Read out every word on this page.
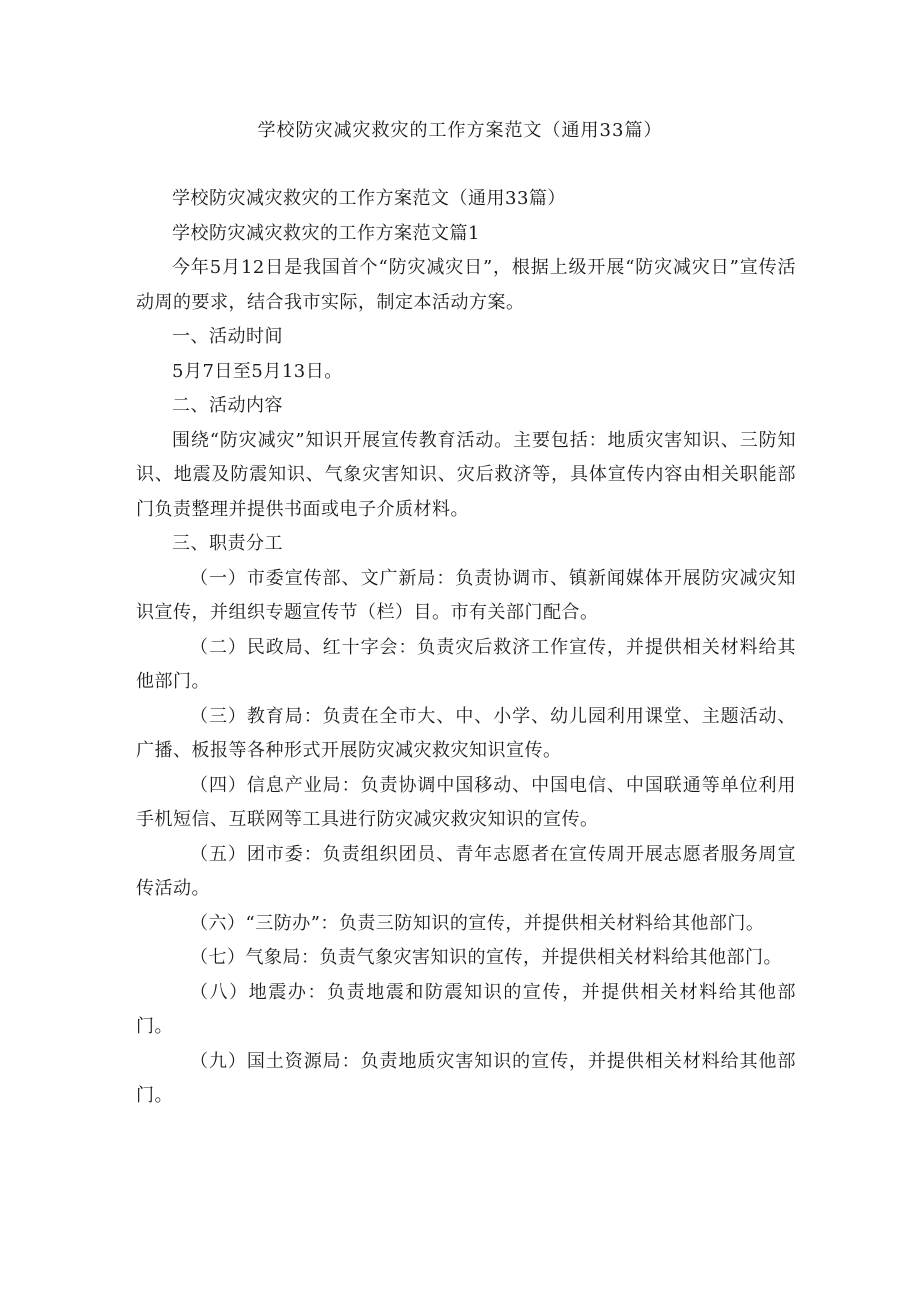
学校防灾减灾救灾的工作方案范文（通用33篇）

学校防灾减灾救灾的工作方案范文（通用33篇）

学校防灾减灾救灾的工作方案范文篇1

今年5月12日是我国首个“防灾减灾日”，根据上级开展“防灾减灾日”宣传活动周的要求，结合我市实际，制定本活动方案。

一、活动时间

5月7日至5月13日。

二、活动内容

围绕“防灾减灾”知识开展宣传教育活动。主要包括：地质灾害知识、三防知识、地震及防震知识、气象灾害知识、灾后救济等，具体宣传内容由相关职能部门负责整理并提供书面或电子介质材料。

三、职责分工

（一）市委宣传部、文广新局：负责协调市、镇新闻媒体开展防灾减灾知识宣传，并组织专题宣传节（栏）目。市有关部门配合。

（二）民政局、红十字会：负责灾后救济工作宣传，并提供相关材料给其他部门。

（三）教育局：负责在全市大、中、小学、幼儿园利用课堂、主题活动、广播、板报等各种形式开展防灾减灾救灾知识宣传。

（四）信息产业局：负责协调中国移动、中国电信、中国联通等单位利用手机短信、互联网等工具进行防灾减灾救灾知识的宣传。

（五）团市委：负责组织团员、青年志愿者在宣传周开展志愿者服务周宣传活动。

（六）“三防办”：负责三防知识的宣传，并提供相关材料给其他部门。

（七）气象局：负责气象灾害知识的宣传，并提供相关材料给其他部门。

（八）地震办：负责地震和防震知识的宣传，并提供相关材料给其他部门。

（九）国土资源局：负责地质灾害知识的宣传，并提供相关材料给其他部门。
